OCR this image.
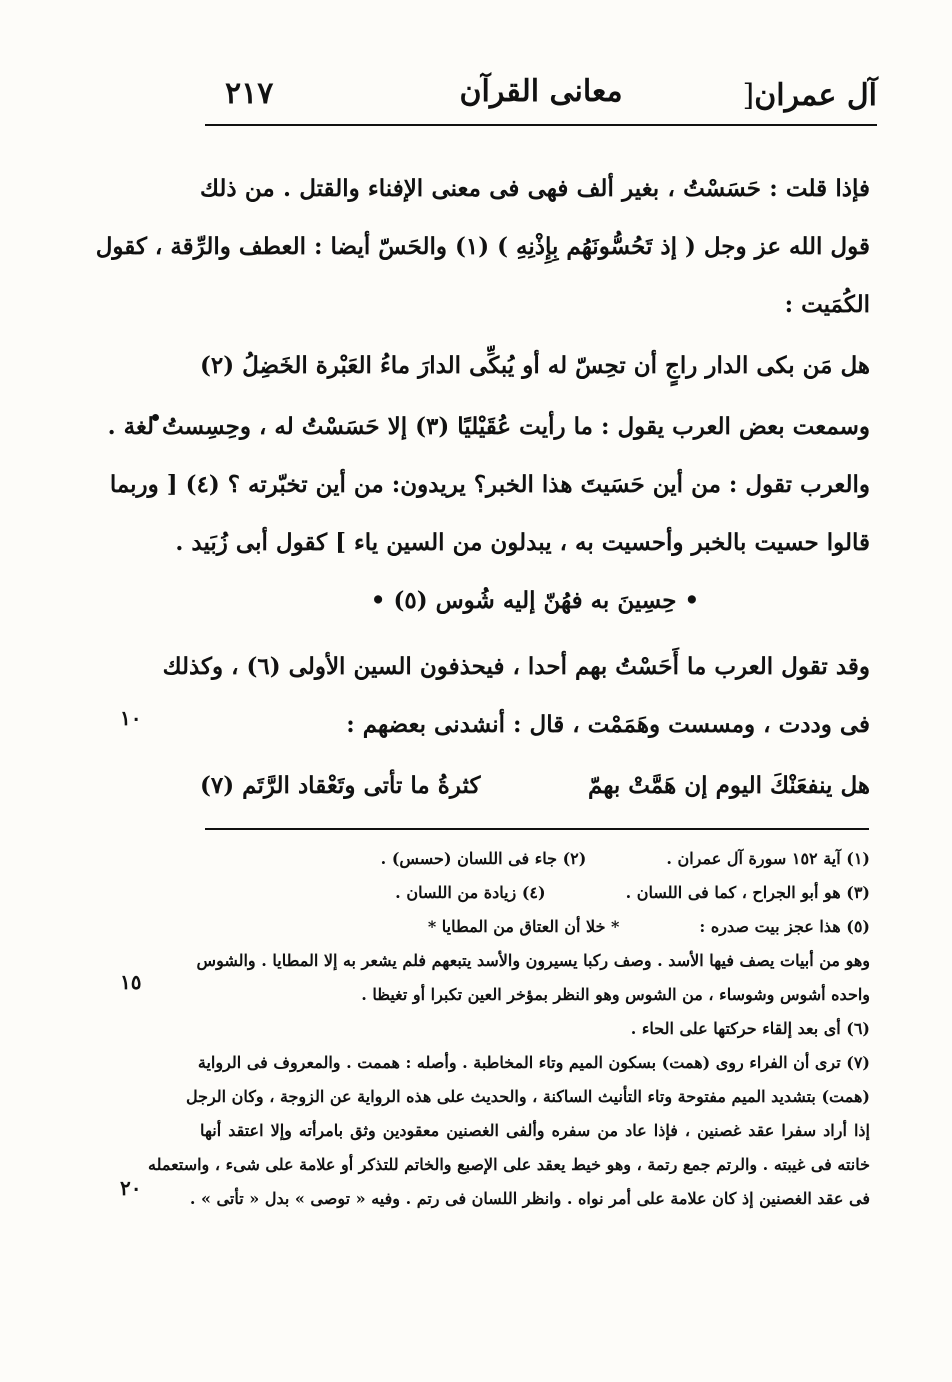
آل عمران[
معانى القرآن
٢١٧
فإذا قلت : حَسَسْتُ ، بغير ألف فهى فى معنى الإفناء والقتل . من ذلك
قول الله عز وجل ( إذ تَحُسُّونَهُم بِإِذْنِهِ ) (١) والحَسّ أيضا : العطف والرِّقة ، كقول
الكُمَيت :
هل مَن بكى الدار راجٍ أن تحِسّ له
أو يُبكِّى الدارَ ماءُ العَبْرة الخَضِلُ (٢)
وسمعت بعض العرب يقول : ما رأيت عُقَيْليًا (٣) إلا حَسَسْتُ له ، وحِسِستُ لغة .
والعرب تقول : من أين حَسَيتَ هذا الخبر؟ يريدون: من أين تخبّرته ؟ (٤) [ وربما
قالوا حسيت بالخبر وأحسيت به ، يبدلون من السين ياء ] كقول أبى زُبَيد .
• حِسِينَ به فهُنّ إليه شُوس (٥) •
وقد تقول العرب ما أَحَسْتُ بهم أحدا ، فيحذفون السين الأولى (٦) ، وكذلك
فى وددت ، ومسست وهَمَمْت ، قال : أنشدنى بعضهم :
هل ينفعَنْكَ اليوم إن هَمَّتْ بهمّ
كثرةُ ما تأتى وتَعْقاد الرَّتَم (٧)
(١) آية ١٥٢ سورة آل عمران .
(٢) جاء فى اللسان (حسس) .
(٣) هو أبو الجراح ، كما فى اللسان .
(٤) زيادة من اللسان .
(٥) هذا عجز بيت صدره :
* خلا أن العتاق من المطايا *
وهو من أبيات يصف فيها الأسد . وصف ركبا يسيرون والأسد يتبعهم فلم يشعر به إلا المطايا . والشوس
واحده أشوس وشوساء ، من الشوس وهو النظر بمؤخر العين تكبرا أو تغيظا .
(٦) أى بعد إلقاء حركتها على الحاء .
(٧) ترى أن الفراء روى (همت) بسكون الميم وتاء المخاطبة . وأصله : هممت . والمعروف فى الرواية
(همت) بتشديد الميم مفتوحة وتاء التأنيث الساكنة ، والحديث على هذه الرواية عن الزوجة ، وكان الرجل
إذا أراد سفرا عقد غصنين ، فإذا عاد من سفره وألفى الغصنين معقودين وثق بامرأته وإلا اعتقد أنها
خانته فى غيبته . والرتم جمع رتمة ، وهو خيط يعقد على الإصبع والخاتم للتذكر أو علامة على شىء ، واستعمله
فى عقد الغصنين إذ كان علامة على أمر نواه . وانظر اللسان فى رتم . وفيه « توصى » بدل « تأتى » .
١٠
١٥
٢٠
